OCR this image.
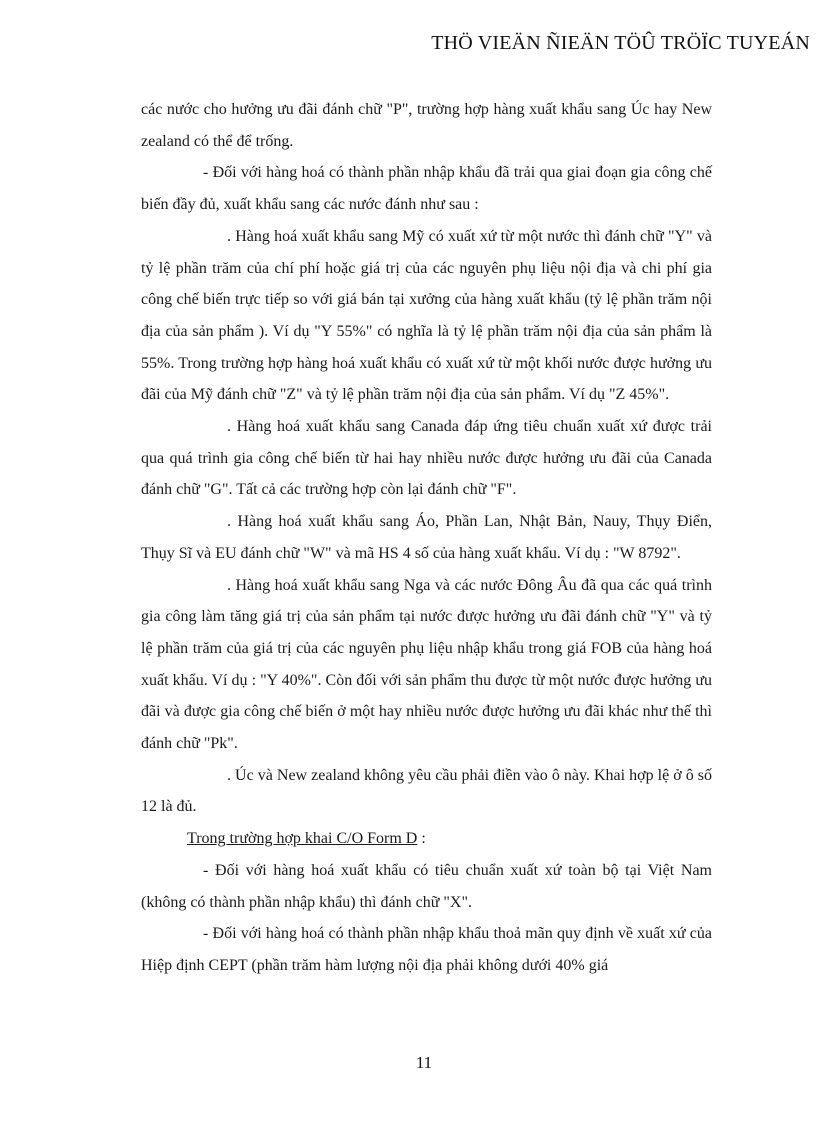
THÖ VIEÄN ÑIEÄN TÖÛ TRÖÏC TUYEÁN

các nước cho hưởng ưu đãi đánh chữ "P", trường hợp hàng xuất khẩu sang Úc hay New zealand có thể để trống.

- Đối với hàng hoá có thành phần nhập khẩu đã trải qua giai đoạn gia công chế biến đầy đủ, xuất khẩu sang các nước đánh như sau :

. Hàng hoá xuất khẩu sang Mỹ có xuất xứ từ một nước thì đánh chữ "Y" và tỷ lệ phần trăm của chí phí hoặc giá trị của các nguyên phụ liệu nội địa và chi phí gia công chế biến trực tiếp so với giá bán tại xưởng của hàng xuất khẩu (tỷ lệ phần trăm nội địa của sản phẩm ). Ví dụ "Y 55%" có nghĩa là tỷ lệ phần trăm nội địa của sản phẩm là 55%. Trong trường hợp hàng hoá xuất khẩu có xuất xứ từ một khối nước được hưởng ưu đãi của Mỹ đánh chữ "Z" và tỷ lệ phần trăm nội địa của sản phẩm. Ví dụ "Z 45%".

. Hàng hoá xuất khẩu sang Canada đáp ứng tiêu chuẩn xuất xứ được trải qua quá trình gia công chế biến từ hai hay nhiều nước được hưởng ưu đãi của Canada đánh chữ "G". Tất cả các trường hợp còn lại đánh chữ "F".

. Hàng hoá xuất khẩu sang Áo, Phần Lan, Nhật Bản, Nauy, Thụy Điển, Thụy Sĩ và EU đánh chữ "W" và mã HS 4 số của hàng xuất khẩu. Ví dụ : "W 8792".

. Hàng hoá xuất khẩu sang Nga và các nước Đông Âu đã qua các quá trình gia công làm tăng giá trị của sản phẩm tại nước được hưởng ưu đãi đánh chữ "Y" và tỷ lệ phần trăm của giá trị của các nguyên phụ liệu nhập khẩu trong giá FOB của hàng hoá xuất khẩu. Ví dụ : "Y 40%". Còn đối với sản phẩm thu được từ một nước được hưởng ưu đãi và được gia công chế biến ở một hay nhiều nước được hưởng ưu đãi khác như thế thì đánh chữ "Pk".

. Úc và New zealand không yêu cầu phải điền vào ô này. Khai hợp lệ ở ô số 12 là đủ.

Trong trường hợp khai C/O Form D :

- Đối với hàng hoá xuất khẩu có tiêu chuẩn xuất xứ toàn bộ tại Việt Nam (không có thành phần nhập khẩu) thì đánh chữ "X".

- Đối với hàng hoá có thành phần nhập khẩu thoả mãn quy định về xuất xứ của Hiệp định CEPT (phần trăm hàm lượng nội địa phải không dưới 40% giá

11
